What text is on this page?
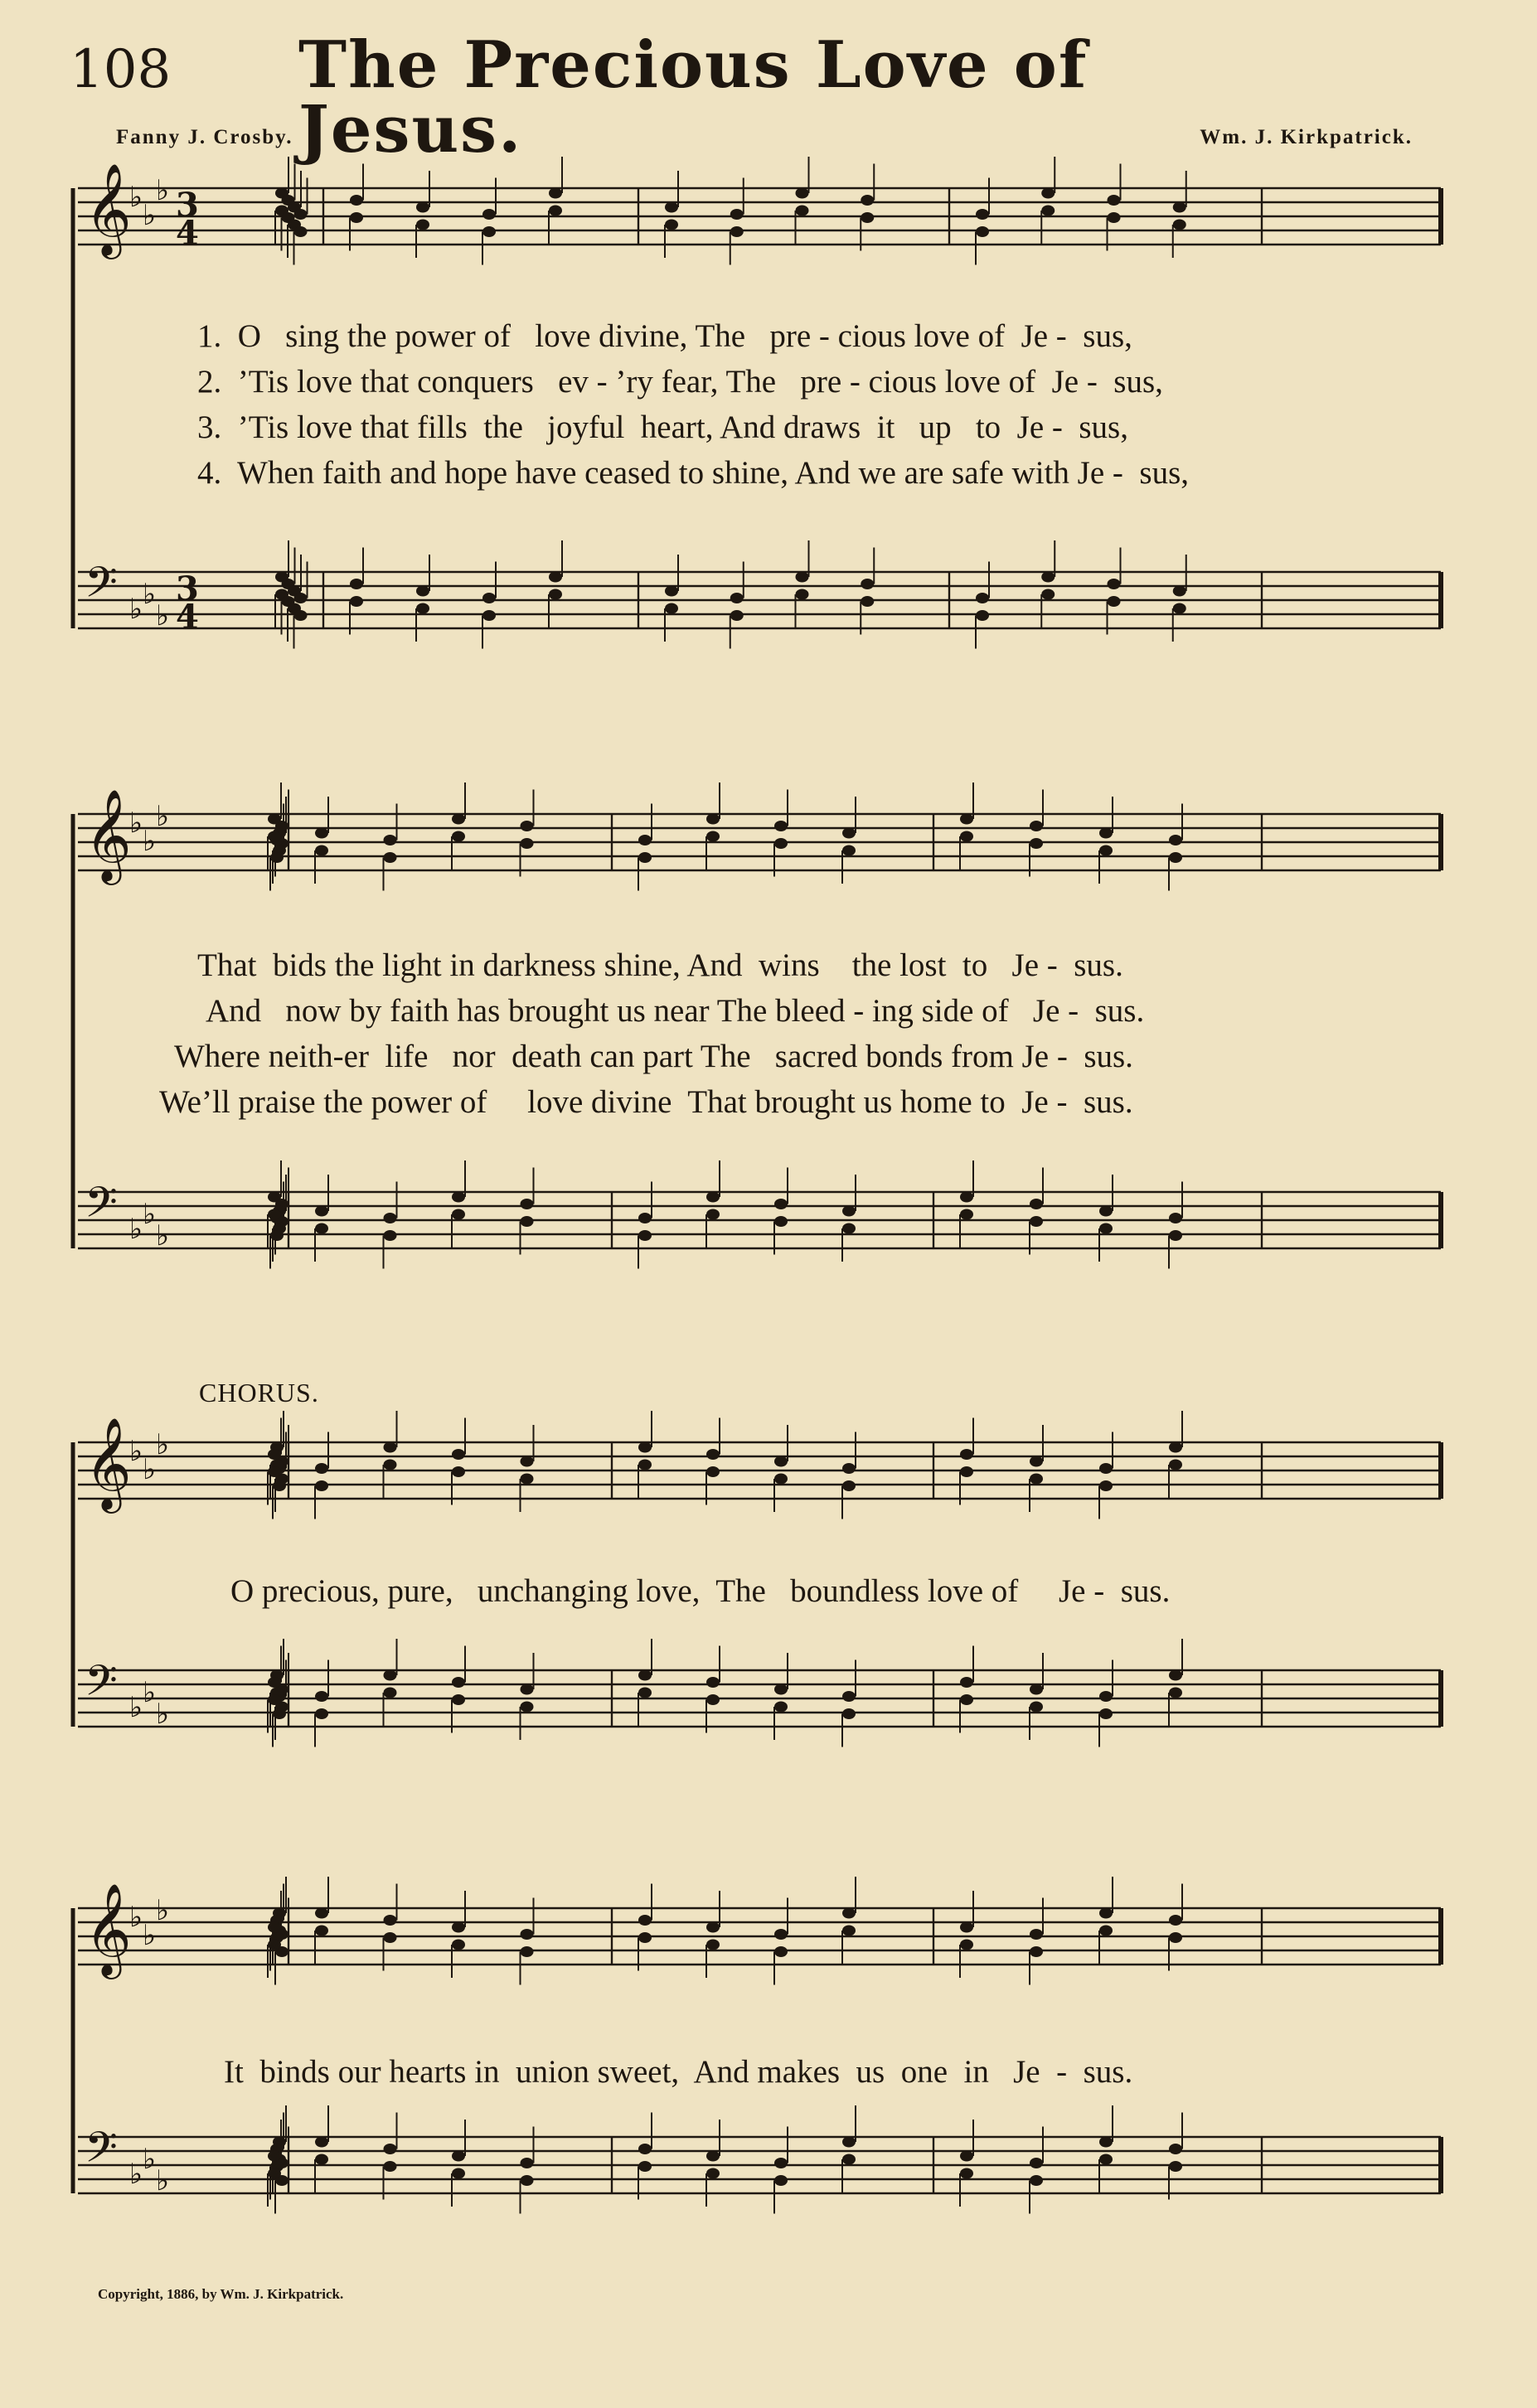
108 The Precious Love of Jesus.
Fanny J. Crosby.	Wm. J. Kirkpatrick.
𝄞
♭
♭
♭ 3
4
𝄢 ♭ ♭
♭
3
4
𝄞
♭
♭
♭
𝄢 ♭ ♭
♭
𝄞
♭
♭
♭
𝄢 ♭ ♭
♭
𝄞
♭
♭
♭
𝄢 ♭ ♭
♭
1.  O   sing the power of   love divine, The   pre - cious love of  Je -  sus,
2.  ’Tis love that conquers   ev - ’ry fear, The   pre - cious love of  Je -  sus,
3.  ’Tis love that fills  the   joyful  heart, And draws  it   up   to  Je -  sus,
4.  When faith and hope have ceased to shine, And we are safe with Je -  sus,
That  bids the light in darkness shine, And  wins    the lost  to   Je -  sus.
And   now by faith has brought us near The bleed - ing side of   Je -  sus.
Where neith-er  life   nor  death can part The   sacred bonds from Je -  sus.
We’ll praise the power of     love divine  That brought us home to  Je -  sus.
CHORUS.
O precious, pure,   unchanging love,  The   boundless love of     Je -  sus.
It  binds our hearts in  union sweet,  And makes  us  one  in   Je  -  sus.
Copyright, 1886, by Wm. J. Kirkpatrick.
